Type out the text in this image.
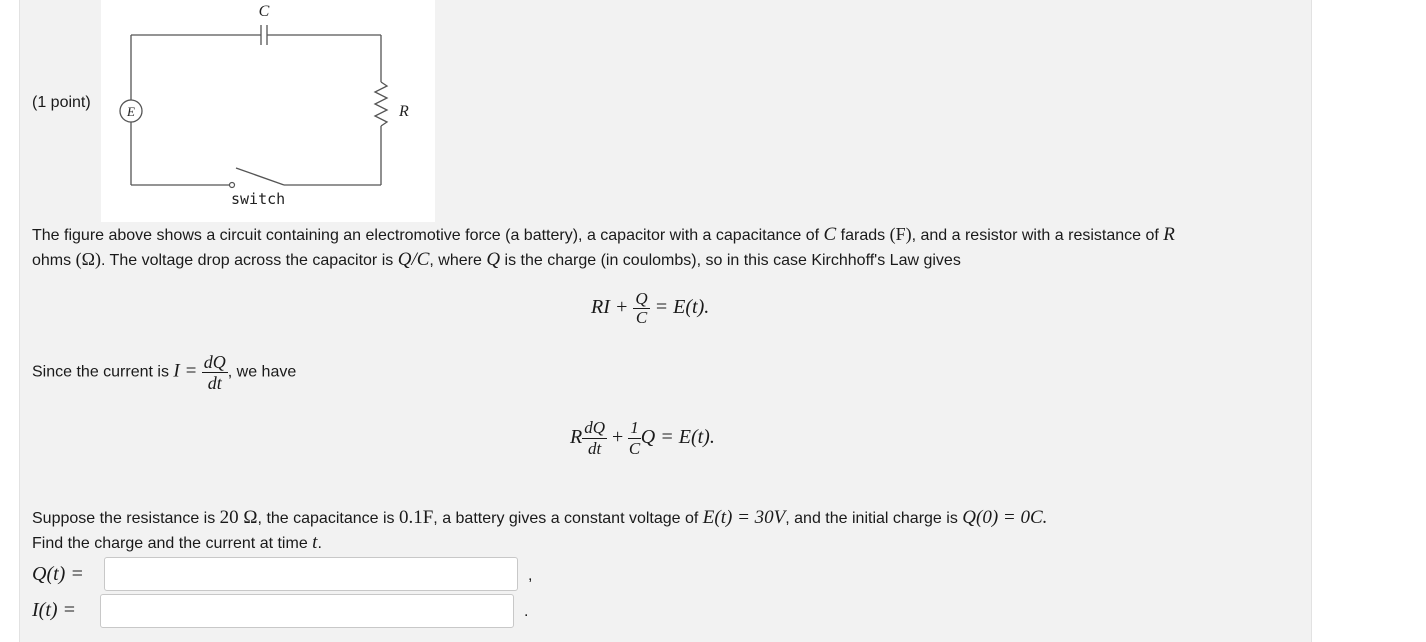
(1 point)
E
C
R
switch
The figure above shows a circuit containing an electromotive force (a battery), a capacitor with a capacitance of C farads (F), and a resistor with a resistance of R
ohms (Ω). The voltage drop across the capacitor is Q/C, where Q is the charge (in coulombs), so in this case Kirchhoff's Law gives
RI + $\frac{Q}{C} = E(t)$.
Since the current is $I = \frac{dQ}{dt}$ , we have
R $\frac{dQ}{dt} + \frac{1}{C}$ Q = E(t).
Suppose the resistance is 20 Ω, the capacitance is 0.1F, a battery gives a constant voltage of E(t) = 30V, and the initial charge is Q(0) = 0C.
Find the charge and the current at time t.
Q(t) =	,
I(t) =	.
